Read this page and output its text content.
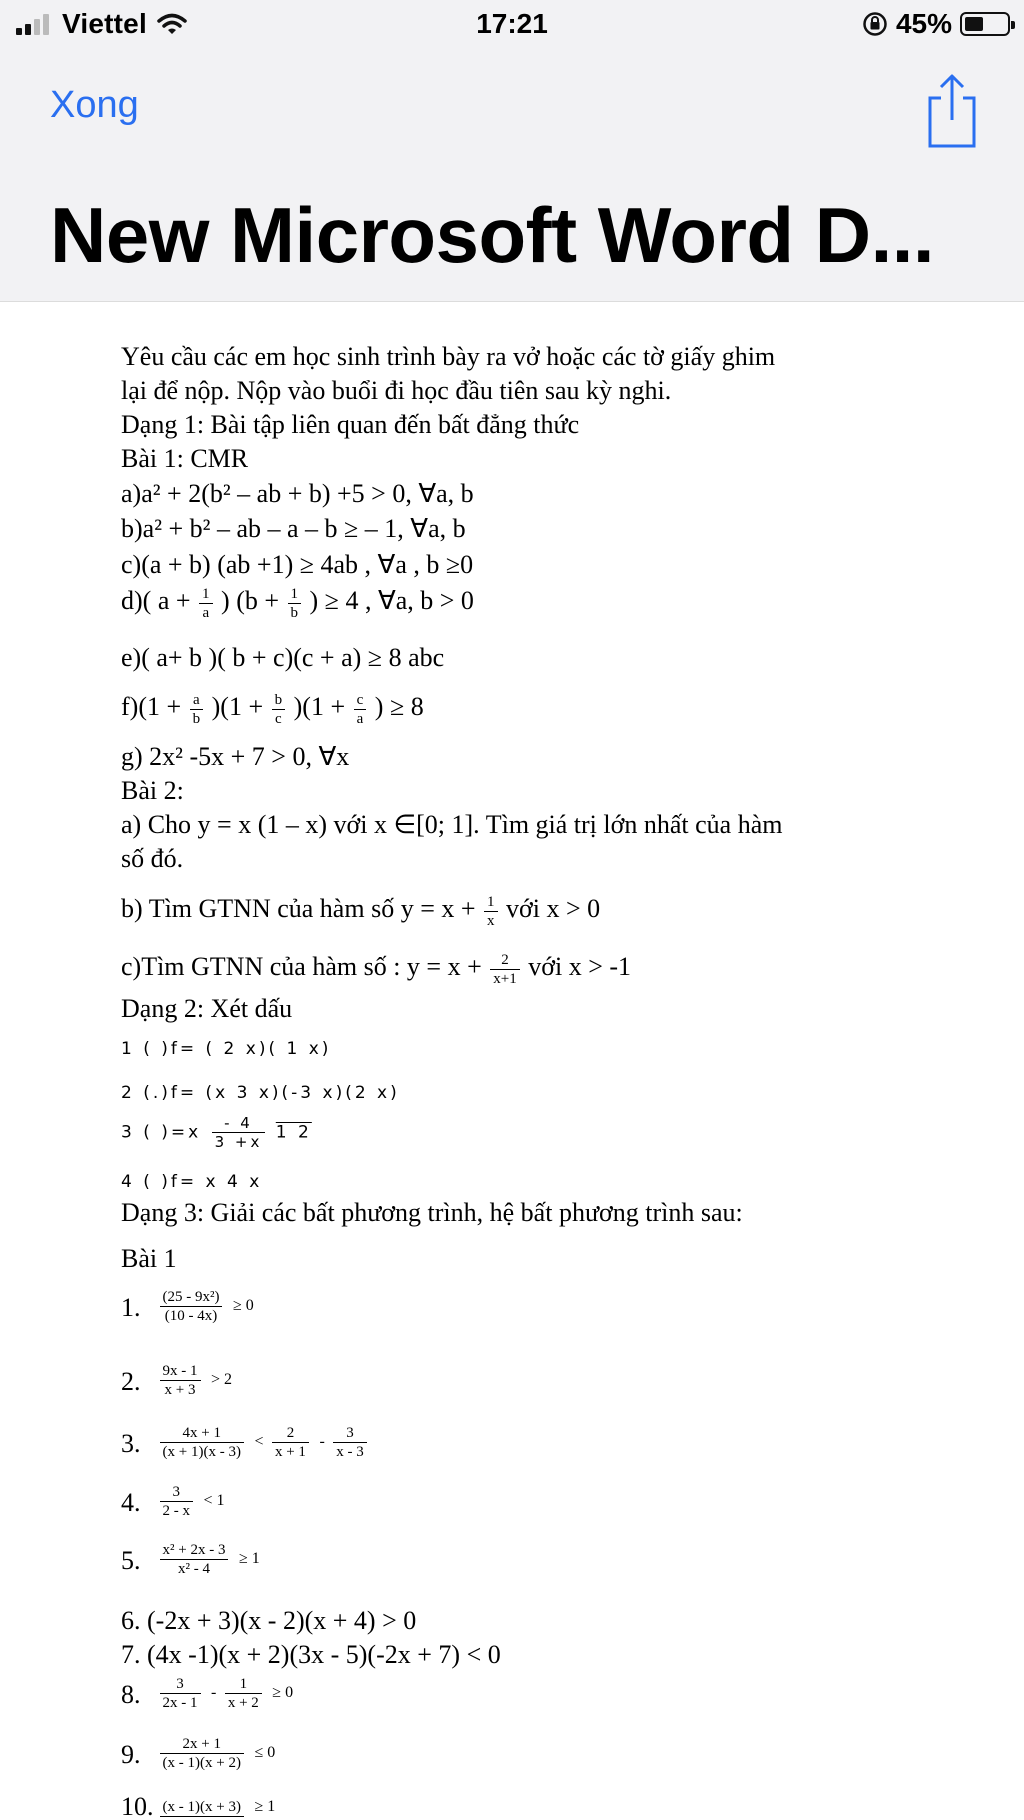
Viettel	17:21	45%
Xong
New Microsoft Word D...
Yêu cầu các em học sinh trình bày ra vở hoặc các tờ giấy ghim
lại để nộp. Nộp vào buổi đi học đầu tiên sau kỳ nghi.
Dạng 1: Bài tập liên quan đến bất đẳng thức
Bài 1: CMR
a)a² + 2(b² – ab + b) +5 > 0, ∀a, b
b)a² + b² – ab – a – b ≥ – 1, ∀a, b
c)(a + b) (ab +1) ≥ 4ab , ∀a , b ≥0
d)( $a + \frac{1}{a}$ ) ($b + \frac{1}{b}$ ) ≥ 4 , ∀a, b > 0
e)( a+ b )( b + c)(c + a) ≥ 8 abc
$f)(1 + \frac{a}{b} )(1 + \frac{b}{c} )(1 + \frac{c}{a}$ ) ≥ 8
g) 2x² -5x + 7 > 0, ∀x
Bài 2:
a) Cho y = x (1 – x) với x ∈[0; 1]. Tìm giá trị lớn nhất của hàm
số đó.
b) Tìm GTNN của hàm số $y = x + \frac{1}{x}$ với x > 0
c)Tìm GTNN của hàm số : $y = x + \frac{2}{x+1}$ với x > -1
Dạng 2: Xét dấu
1 ( )f= ( 2 x)( 1 x)
2 (.)f= (x 3 x)(-3 x)(2 x)
3 ( )$=x \frac{- 4}{3 +x} 1$ 2
4 ( )f= x 4 x
Dạng 3: Giải các bất phương trình, hệ bất phương trình sau:
Bài 1
1. $\frac{\text{(25 - 9x²)}}{(10 - 4x)} \ge 0$
2. $\frac{9x - 1}{x + 3} > 2$
3. $\frac{4x + 1}{(x + 1)(x - 3)} < \frac{2}{x + 1} - \frac{3}{x - 3}$
4. $\frac{3}{2 - x} < 1$
5. $\frac{\text{x² + 2x - 3}}{\text{x² - 4}} \ge 1$
6. (-2x + 3)(x - 2)(x + 4) > 0
7. (4x -1)(x + 2)(3x - 5)(-2x + 7) < 0
8. $\frac{3}{2x - 1} - \frac{1}{x + 2} \ge 0$
9. $\frac{2x + 1}{(x - 1)(x + 2)} \le 0$
10. (x - 1)(x + 3) ≥ 1
